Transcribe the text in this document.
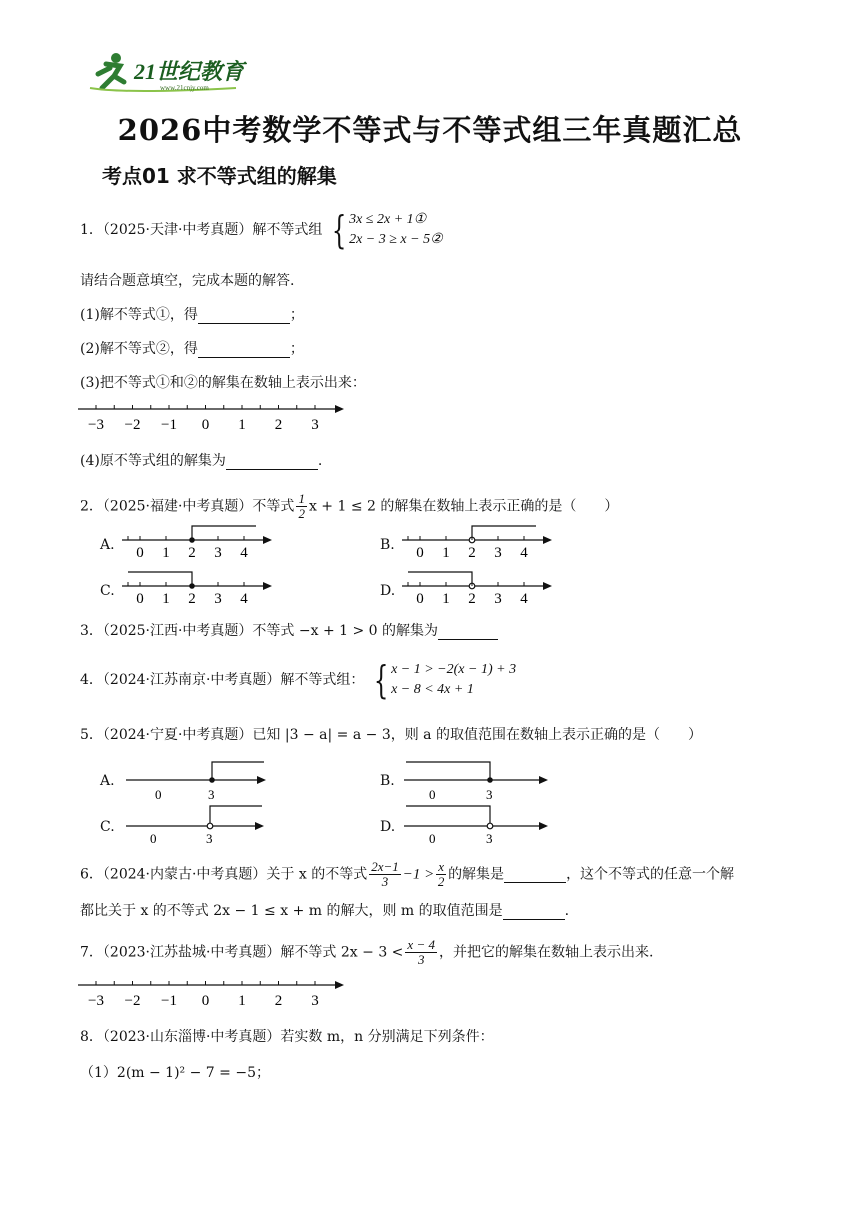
21世纪教育
www.21cnjy.com
2026中考数学不等式与不等式组三年真题汇总
考点01 求不等式组的解集
1．（2025·天津·中考真题）解不等式组 { 3x ≤ 2x + 1①
2x − 3 ≥ x − 5②
请结合题意填空，完成本题的解答.
(1)解不等式①，得	；
(2)解不等式②，得	；
(3)把不等式①和②的解集在数轴上表示出来：
−3 −2 −1 0 1 2 3
(4)原不等式组的解集为	.
2．（2025·福建·中考真题）不等式 $\frac{1}{2}$ x + 1 ≤ 2 的解集在数轴上表示正确的是（　　）
A. 0 1 2 3 4	B. 0 1 2 3 4
C. 0 1 2 3 4	D. 0 1 2 3 4
3．（2025·江西·中考真题）不等式 −x + 1 > 0 的解集为
4．（2024·江苏南京·中考真题）解不等式组： { x − 1 > −2(x − 1) + 3
x − 8 < 4x + 1
5．（2024·宁夏·中考真题）已知 |3 − a| = a − 3，则 a 的取值范围在数轴上表示正确的是（　　）
A.
0	3
B.
0	3
C.
0	3
D.
0	3
6．（2024·内蒙古·中考真题）关于 x 的不等式 $\frac{2x-1}{3} -1 > \frac{x}{2}$ 的解集是	，这个不等式的任意一个解
都比关于 x 的不等式 2x − 1 ≤ x + m 的解大，则 m 的取值范围是	.
7．（2023·江苏盐城·中考真题）解不等式 $2x - 3 < \frac{x - 4}{3}$ ，并把它的解集在数轴上表示出来.
−3 −2 −1 0 1 2 3
8．（2023·山东淄博·中考真题）若实数 m，n 分别满足下列条件：
（1）2(m − 1)² − 7 = −5；
